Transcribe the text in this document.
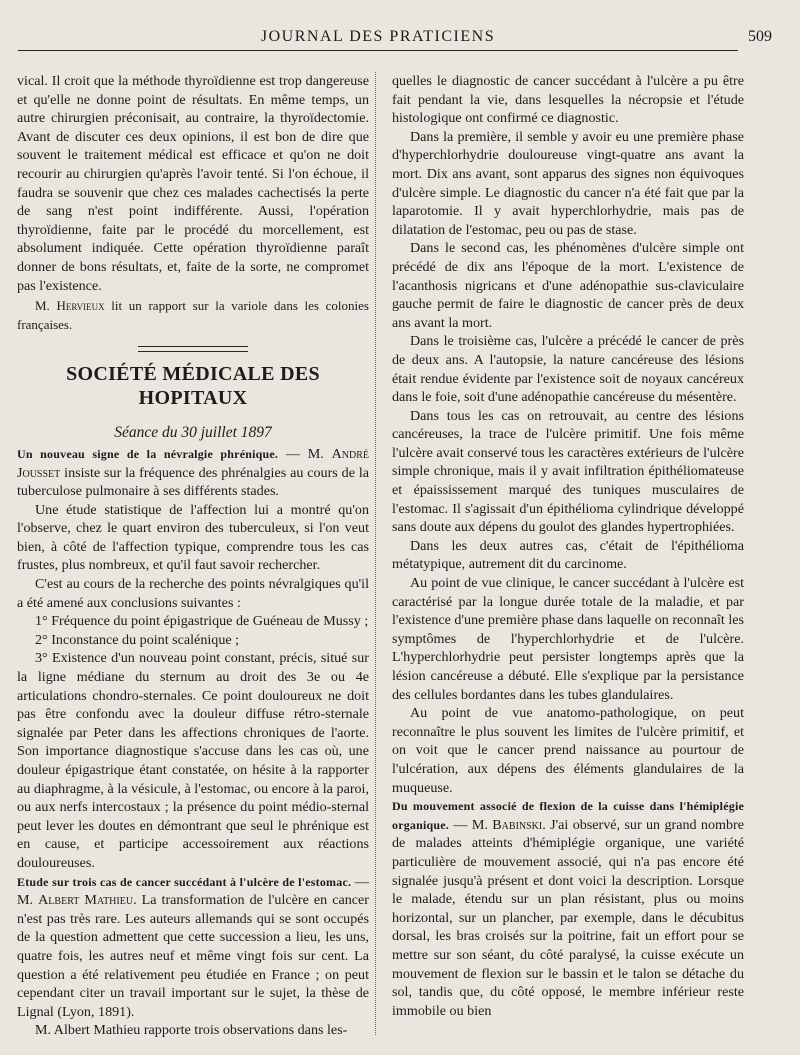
JOURNAL DES PRATICIENS	509

vical. Il croit que la méthode thyroïdienne est trop dangereuse et qu'elle ne donne point de résultats. En même temps, un autre chirurgien préconisait, au contraire, la thyroïdectomie. Avant de discuter ces deux opinions, il est bon de dire que souvent le traitement médical est efficace et qu'on ne doit recourir au chirurgien qu'après l'avoir tenté. Si l'on échoue, il faudra se souvenir que chez ces malades cachectisés la perte de sang n'est point indifférente. Aussi, l'opération thyroïdienne, faite par le procédé du morcellement, est absolument indiquée. Cette opération thyroïdienne paraît donner de bons résultats, et, faite de la sorte, ne compromet pas l'existence.

M. Hervieux lit un rapport sur la variole dans les colonies françaises.

SOCIÉTÉ MÉDICALE DES HOPITAUX
Séance du 30 juillet 1897

Un nouveau signe de la névralgie phrénique. — M. André Jousset insiste sur la fréquence des phrénalgies au cours de la tuberculose pulmonaire à ses différents stades.

Une étude statistique de l'affection lui a montré qu'on l'observe, chez le quart environ des tuberculeux, si l'on veut bien, à côté de l'affection typique, comprendre tous les cas frustes, plus nombreux, et qu'il faut savoir rechercher.

C'est au cours de la recherche des points névralgiques qu'il a été amené aux conclusions suivantes :

1° Fréquence du point épigastrique de Guéneau de Mussy ;

2° Inconstance du point scalénique ;

3° Existence d'un nouveau point constant, précis, situé sur la ligne médiane du sternum au droit des 3e ou 4e articulations chondro-sternales. Ce point douloureux ne doit pas être confondu avec la douleur diffuse rétro-sternale signalée par Peter dans les affections chroniques de l'aorte. Son importance diagnostique s'accuse dans les cas où, une douleur épigastrique étant constatée, on hésite à la rapporter au diaphragme, à la vésicule, à l'estomac, ou encore à la paroi, ou aux nerfs intercostaux ; la présence du point médio-sternal peut lever les doutes en démontrant que seul le phrénique est en cause, et participe accessoirement aux réactions douloureuses.

Etude sur trois cas de cancer succédant à l'ulcère de l'estomac. — M. Albert Mathieu. La transformation de l'ulcère en cancer n'est pas très rare. Les auteurs allemands qui se sont occupés de la question admettent que cette succession a lieu, les uns, quatre fois, les autres neuf et même vingt fois sur cent. La question a été relativement peu étudiée en France ; on peut cependant citer un travail important sur le sujet, la thèse de Lignal (Lyon, 1891).

M. Albert Mathieu rapporte trois observations dans les-

quelles le diagnostic de cancer succédant à l'ulcère a pu être fait pendant la vie, dans lesquelles la nécropsie et l'étude histologique ont confirmé ce diagnostic.

Dans la première, il semble y avoir eu une première phase d'hyperchlorhydrie douloureuse vingt-quatre ans avant la mort. Dix ans avant, sont apparus des signes non équivoques d'ulcère simple. Le diagnostic du cancer n'a été fait que par la laparotomie. Il y avait hyperchlorhydrie, mais pas de dilatation de l'estomac, peu ou pas de stase.

Dans le second cas, les phénomènes d'ulcère simple ont précédé de dix ans l'époque de la mort. L'existence de l'acanthosis nigricans et d'une adénopathie sus-claviculaire gauche permit de faire le diagnostic de cancer près de deux ans avant la mort.

Dans le troisième cas, l'ulcère a précédé le cancer de près de deux ans. A l'autopsie, la nature cancéreuse des lésions était rendue évidente par l'existence soit de noyaux cancéreux dans le foie, soit d'une adénopathie cancéreuse du mésentère.

Dans tous les cas on retrouvait, au centre des lésions cancéreuses, la trace de l'ulcère primitif. Une fois même l'ulcère avait conservé tous les caractères extérieurs de l'ulcère simple chronique, mais il y avait infiltration épithéliomateuse et épaississement marqué des tuniques musculaires de l'estomac. Il s'agissait d'un épithélioma cylindrique développé sans doute aux dépens du goulot des glandes hypertrophiées.

Dans les deux autres cas, c'était de l'épithélioma métatypique, autrement dit du carcinome.

Au point de vue clinique, le cancer succédant à l'ulcère est caractérisé par la longue durée totale de la maladie, et par l'existence d'une première phase dans laquelle on reconnaît les symptômes de l'hyperchlorhydrie et de l'ulcère. L'hyperchlorhydrie peut persister longtemps après que la lésion cancéreuse a débuté. Elle s'explique par la persistance des cellules bordantes dans les tubes glandulaires.

Au point de vue anatomo-pathologique, on peut reconnaître le plus souvent les limites de l'ulcère primitif, et on voit que le cancer prend naissance au pourtour de l'ulcération, aux dépens des éléments glandulaires de la muqueuse.

Du mouvement associé de flexion de la cuisse dans l'hémiplégie organique. — M. Babinski. J'ai observé, sur un grand nombre de malades atteints d'hémiplégie organique, une variété particulière de mouvement associé, qui n'a pas encore été signalée jusqu'à présent et dont voici la description. Lorsque le malade, étendu sur un plan résistant, plus ou moins horizontal, sur un plancher, par exemple, dans le décubitus dorsal, les bras croisés sur la poitrine, fait un effort pour se mettre sur son séant, du côté paralysé, la cuisse exécute un mouvement de flexion sur le bassin et le talon se détache du sol, tandis que, du côté opposé, le membre inférieur reste immobile ou bien
